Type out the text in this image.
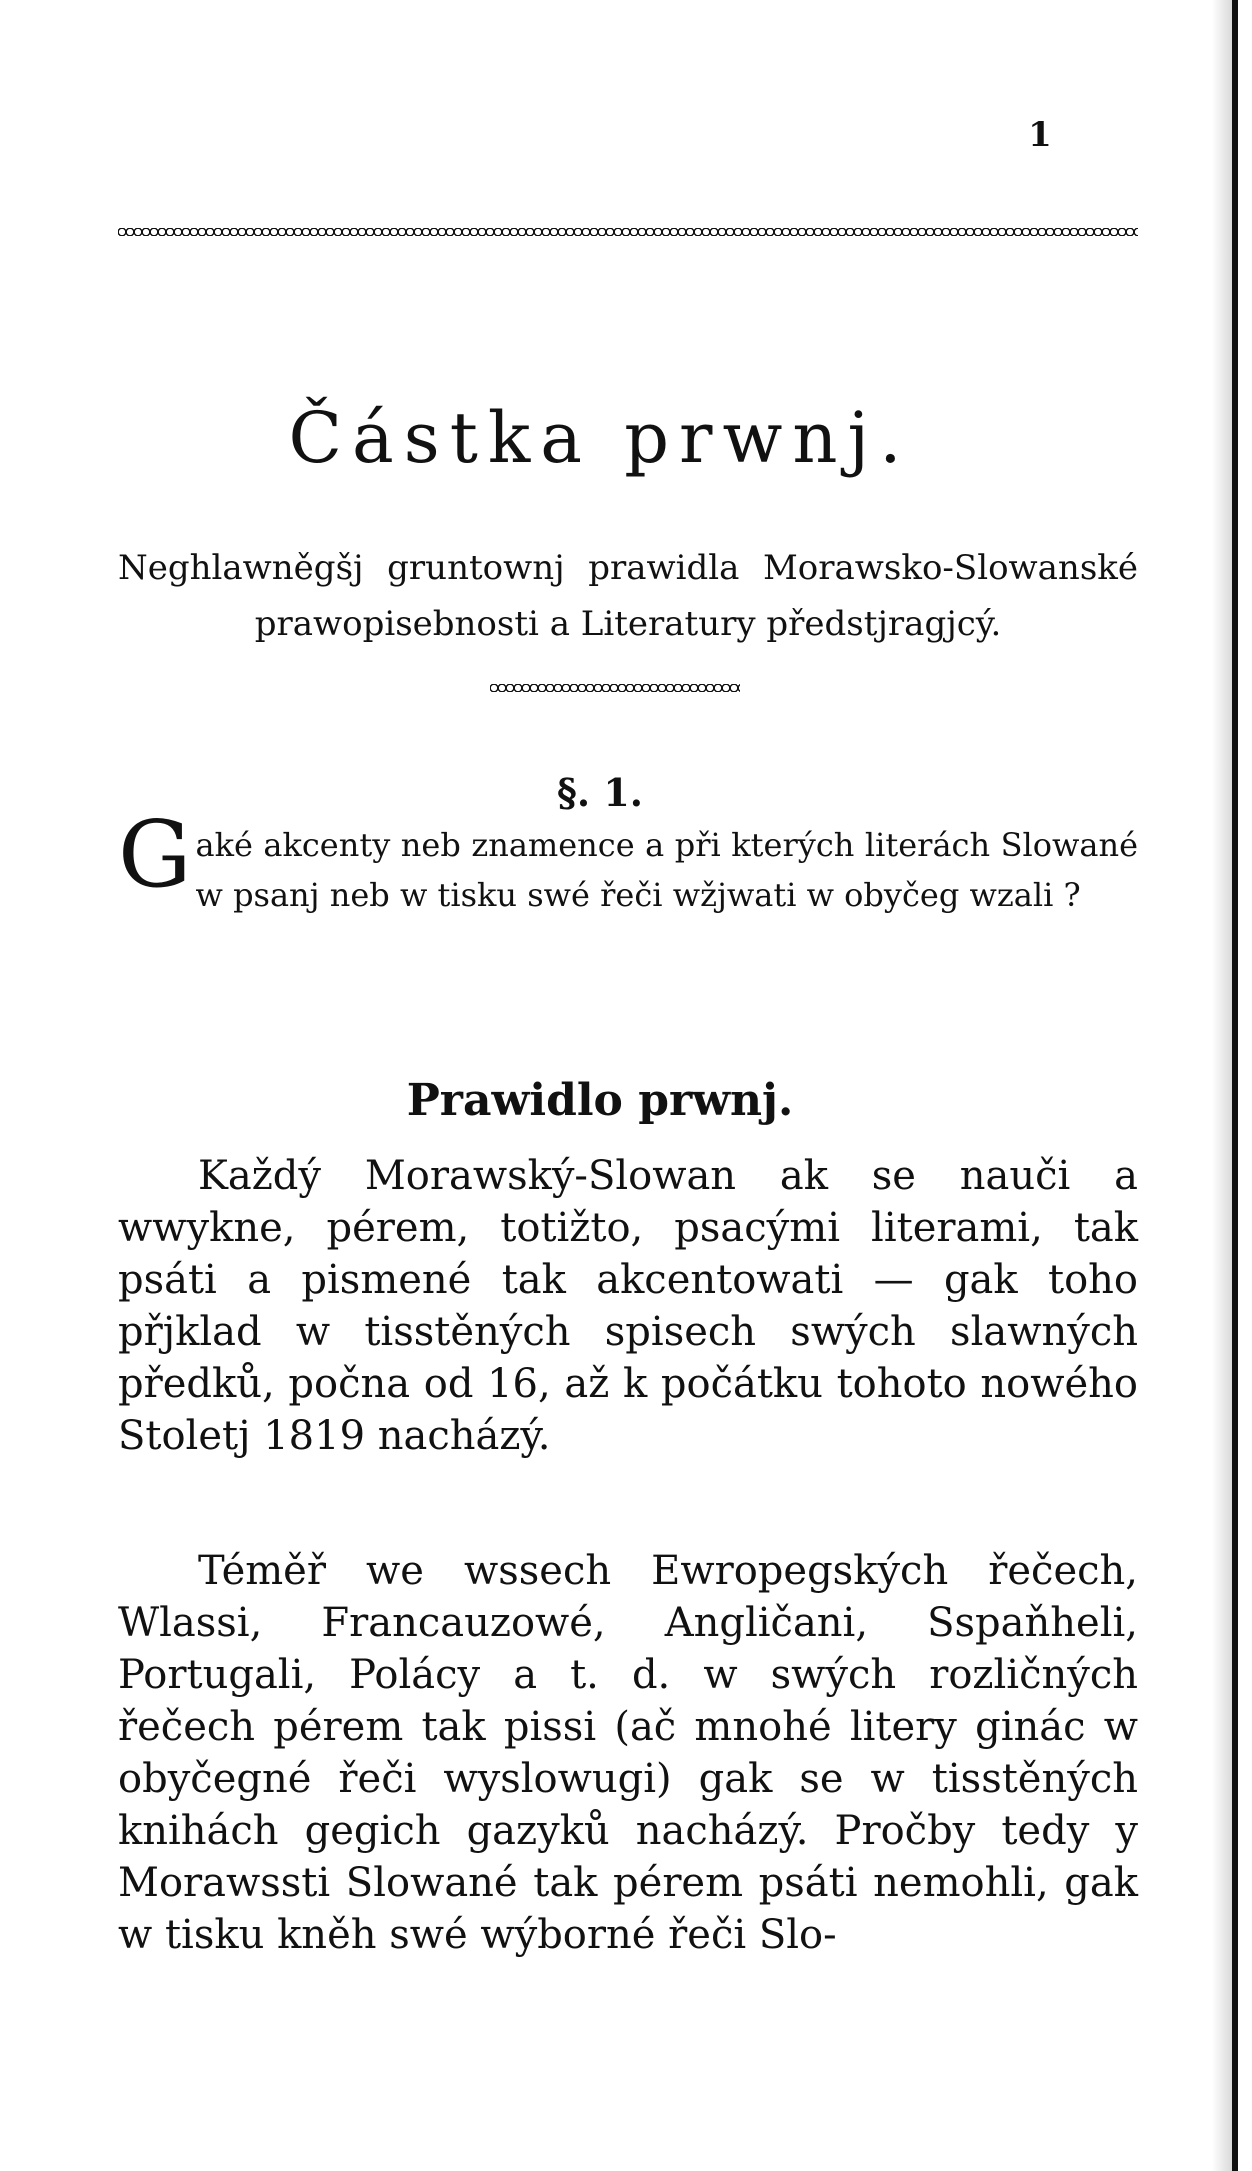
1
Částka prwnj.
Neghlawněgšj gruntownj prawidla Morawsko-Slowanské prawopisebnosti a Literatury předstjragjcý.
§. 1.
G aké akcenty neb znamence a při kterých literách Slowané w psanj neb w tisku swé řeči wžjwati w obyčeg wzali ?
Prawidlo prwnj.
Každý Morawský-Slowan ak se nauči a wwykne, pérem, totižto, psacými literami, tak psáti a pismené tak akcentowati — gak toho přjklad w tisstěných spisech swých slawných předků, počna od 16, až k počátku tohoto nowého Stoletj 1819 nacházý.
Téměř we wssech Ewropegských řečech, Wlassi, Francauzowé, Angličani, Sspaňheli, Portugali, Polácy a t. d. w swých rozličných řečech pérem tak pissi (ač mnohé litery ginác w obyčegné řeči wyslowugi) gak se w tisstěných knihách gegich gazyků nacházý. Pročby tedy y Morawssti Slowané tak pérem psáti nemohli, gak w tisku kněh swé wýborné řeči Slo-
